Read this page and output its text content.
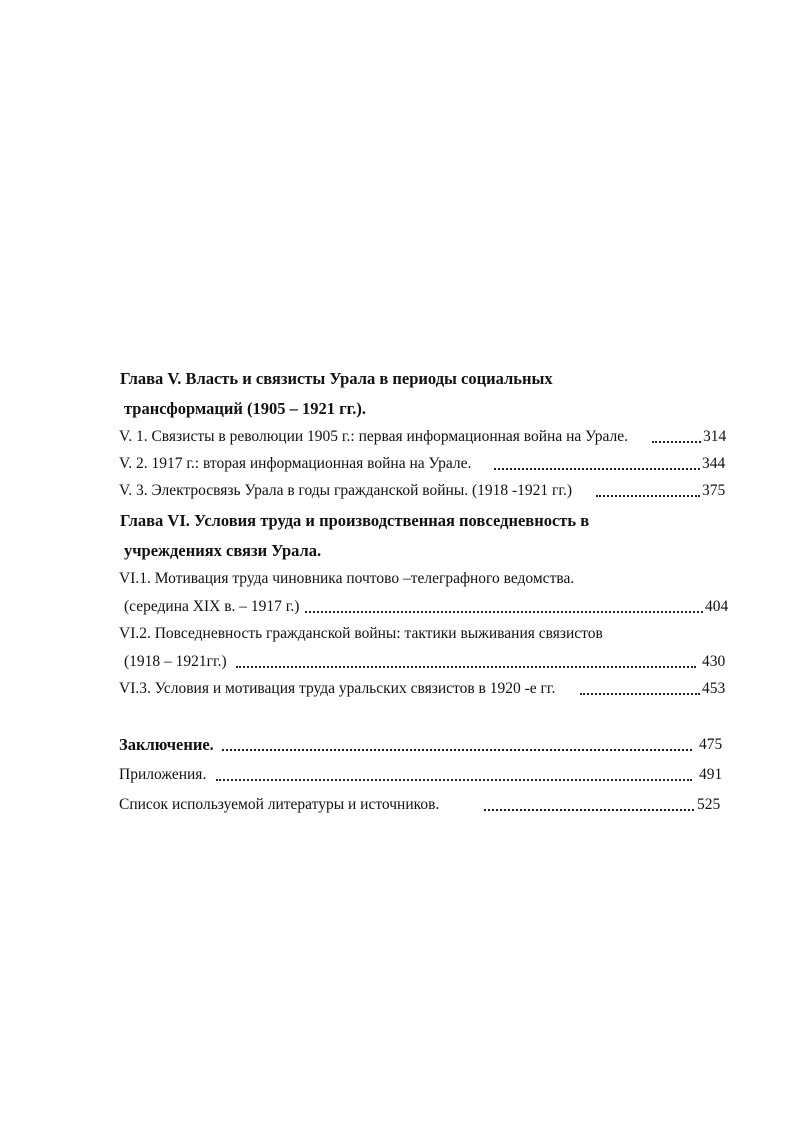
Глава V. Власть и связисты Урала в периоды социальных
трансформаций (1905 – 1921 гг.).
V. 1. Связисты в революции 1905 г.: первая информационная война на Урале.	314
V. 2. 1917 г.: вторая информационная война на Урале.	344
V. 3. Электросвязь Урала в годы гражданской войны. (1918 -1921 гг.)	375
Глава VI. Условия труда и производственная повседневность в
учреждениях связи Урала.
VI.1. Мотивация труда чиновника почтово –телеграфного ведомства.
(середина XIX в. – 1917 г.)	404
VI.2. Повседневность гражданской войны: тактики выживания связистов
(1918 – 1921гг.)	430
VI.3. Условия и мотивация труда уральских связистов в 1920 -е гг.	453
Заключение.	475
Приложения.	491
Список используемой литературы и источников.	525
